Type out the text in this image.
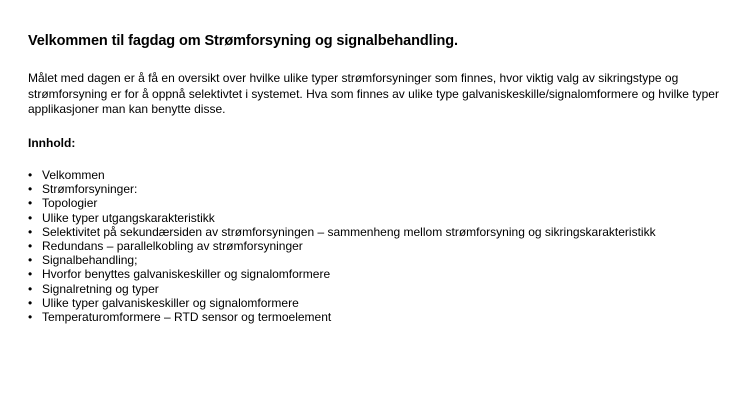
Velkommen til fagdag om Strømforsyning og signalbehandling.

Målet med dagen er å få en oversikt over hvilke ulike typer strømforsyninger som finnes, hvor viktig valg av sikringstype og strømforsyning er for å oppnå selektivtet i systemet. Hva som finnes av ulike type galvaniskeskille/signalomformere og hvilke typer applikasjoner man kan benytte disse.

Innhold:

• Velkommen
• Strømforsyninger:
• Topologier
• Ulike typer utgangskarakteristikk
• Selektivitet på sekundærsiden av strømforsyningen – sammenheng mellom strømforsyning og sikringskarakteristikk
• Redundans – parallelkobling av strømforsyninger
• Signalbehandling;
• Hvorfor benyttes galvaniskeskiller og signalomformere
• Signalretning og typer
• Ulike typer galvaniskeskiller og signalomformere
• Temperaturomformere – RTD sensor og termoelement
